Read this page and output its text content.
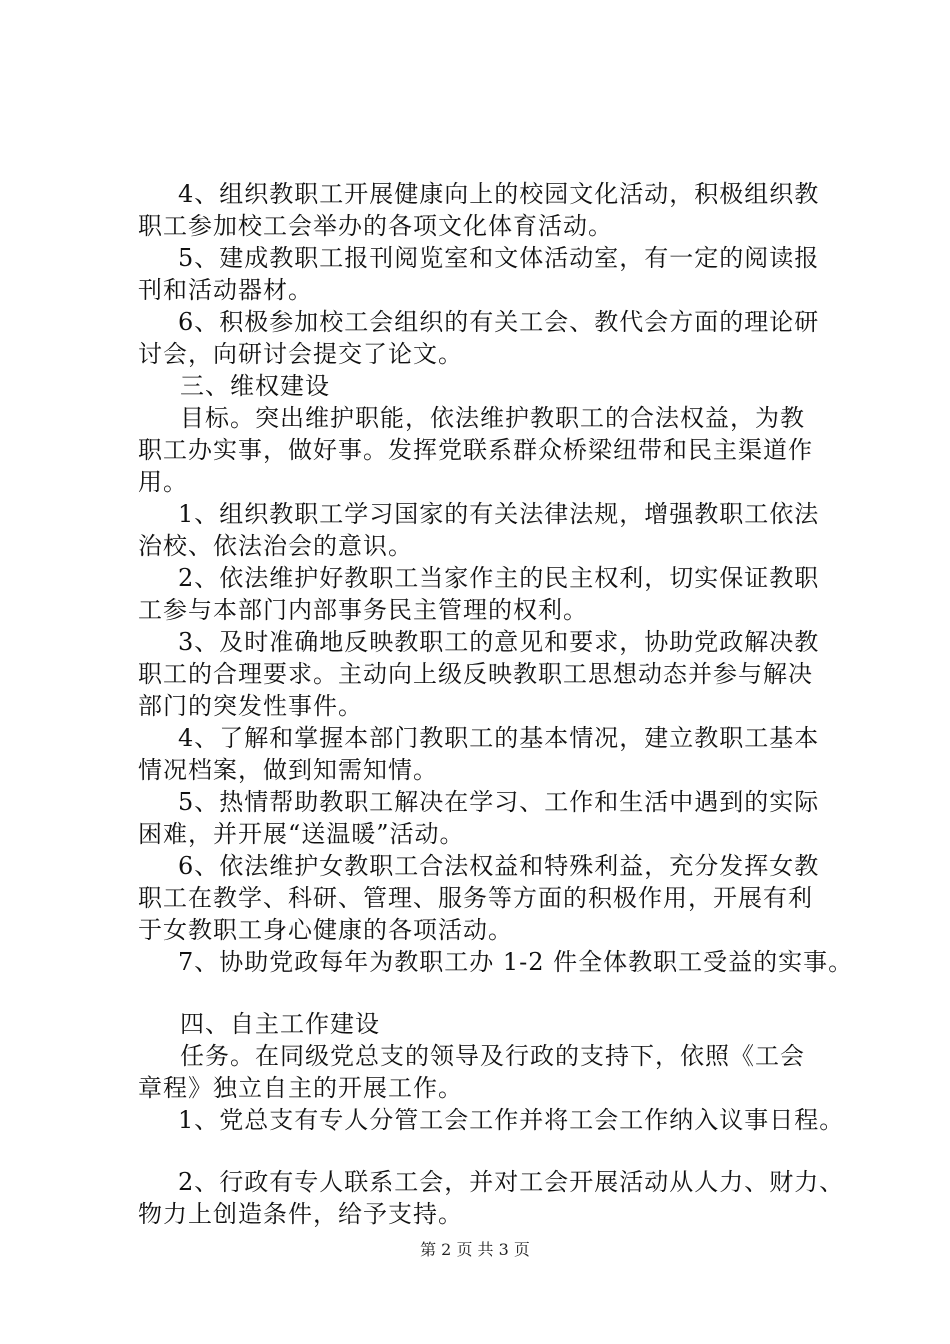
4、组织教职工开展健康向上的校园文化活动，积极组织教
职工参加校工会举办的各项文化体育活动。
5、建成教职工报刊阅览室和文体活动室，有一定的阅读报
刊和活动器材。
6、积极参加校工会组织的有关工会、教代会方面的理论研
讨会，向研讨会提交了论文。
三、维权建设
目标。突出维护职能，依法维护教职工的合法权益，为教
职工办实事，做好事。发挥党联系群众桥梁纽带和民主渠道作
用。
1、组织教职工学习国家的有关法律法规，增强教职工依法
治校、依法治会的意识。
2、依法维护好教职工当家作主的民主权利，切实保证教职
工参与本部门内部事务民主管理的权利。
3、及时准确地反映教职工的意见和要求，协助党政解决教
职工的合理要求。主动向上级反映教职工思想动态并参与解决
部门的突发性事件。
4、了解和掌握本部门教职工的基本情况，建立教职工基本
情况档案，做到知需知情。
5、热情帮助教职工解决在学习、工作和生活中遇到的实际
困难，并开展“送温暖”活动。
6、依法维护女教职工合法权益和特殊利益，充分发挥女教
职工在教学、科研、管理、服务等方面的积极作用，开展有利
于女教职工身心健康的各项活动。
7、协助党政每年为教职工办 1-2 件全体教职工受益的实事。
四、自主工作建设
任务。在同级党总支的领导及行政的支持下，依照《工会
章程》独立自主的开展工作。
1、党总支有专人分管工会工作并将工会工作纳入议事日程。
2、行政有专人联系工会，并对工会开展活动从人力、财力、
物力上创造条件，给予支持。
第 2 页 共 3 页
